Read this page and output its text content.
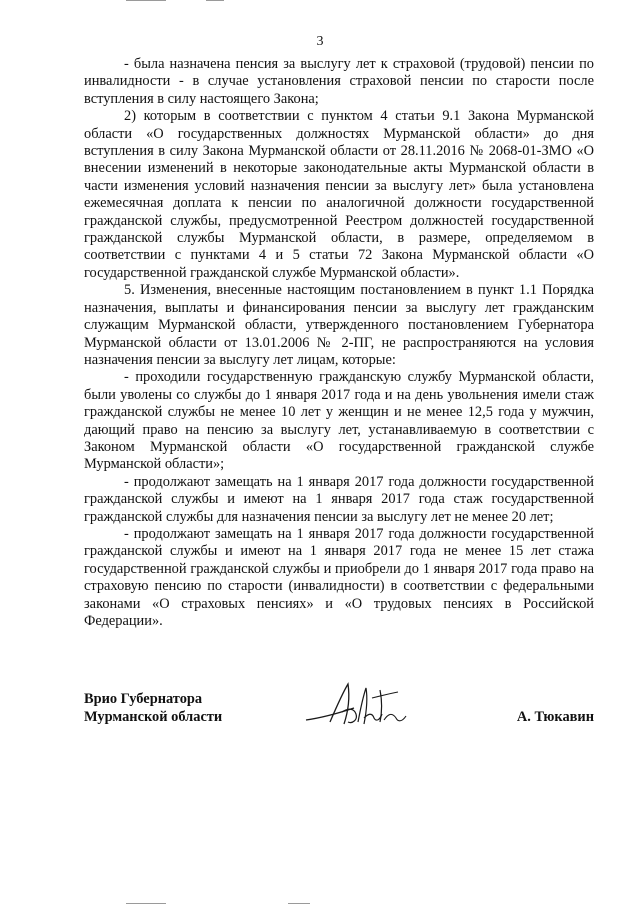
3

- была назначена пенсия за выслугу лет к страховой (трудовой) пенсии по инвалидности - в случае установления страховой пенсии по старости после вступления в силу настоящего Закона;

2) которым в соответствии с пунктом 4 статьи 9.1 Закона Мурманской области «О государственных должностях Мурманской области» до дня вступления в силу Закона Мурманской области от 28.11.2016 № 2068-01-ЗМО «О внесении изменений в некоторые законодательные акты Мурманской области в части изменения условий назначения пенсии за выслугу лет» была установлена ежемесячная доплата к пенсии по аналогичной должности государственной гражданской службы, предусмотренной Реестром должностей государственной гражданской службы Мурманской области, в размере, определяемом в соответствии с пунктами 4 и 5 статьи 72 Закона Мурманской области «О государственной гражданской службе Мурманской области».

5. Изменения, внесенные настоящим постановлением в пункт 1.1 Порядка назначения, выплаты и финансирования пенсии за выслугу лет гражданским служащим Мурманской области, утвержденного постановлением Губернатора Мурманской области от 13.01.2006 № 2-ПГ, не распространяются на условия назначения пенсии за выслугу лет лицам, которые:

- проходили государственную гражданскую службу Мурманской области, были уволены со службы до 1 января 2017 года и на день увольнения имели стаж гражданской службы не менее 10 лет у женщин и не менее 12,5 года у мужчин, дающий право на пенсию за выслугу лет, устанавливаемую в соответствии с Законом Мурманской области «О государственной гражданской службе Мурманской области»;

- продолжают замещать на 1 января 2017 года должности государственной гражданской службы и имеют на 1 января 2017 года стаж государственной гражданской службы для назначения пенсии за выслугу лет не менее 20 лет;

- продолжают замещать на 1 января 2017 года должности государственной гражданской службы и имеют на 1 января 2017 года не менее 15 лет стажа государственной гражданской службы и приобрели до 1 января 2017 года право на страховую пенсию по старости (инвалидности) в соответствии с федеральными законами «О страховых пенсиях» и «О трудовых пенсиях в Российской Федерации».

Врио Губернатора
Мурманской области	А. Тюкавин
